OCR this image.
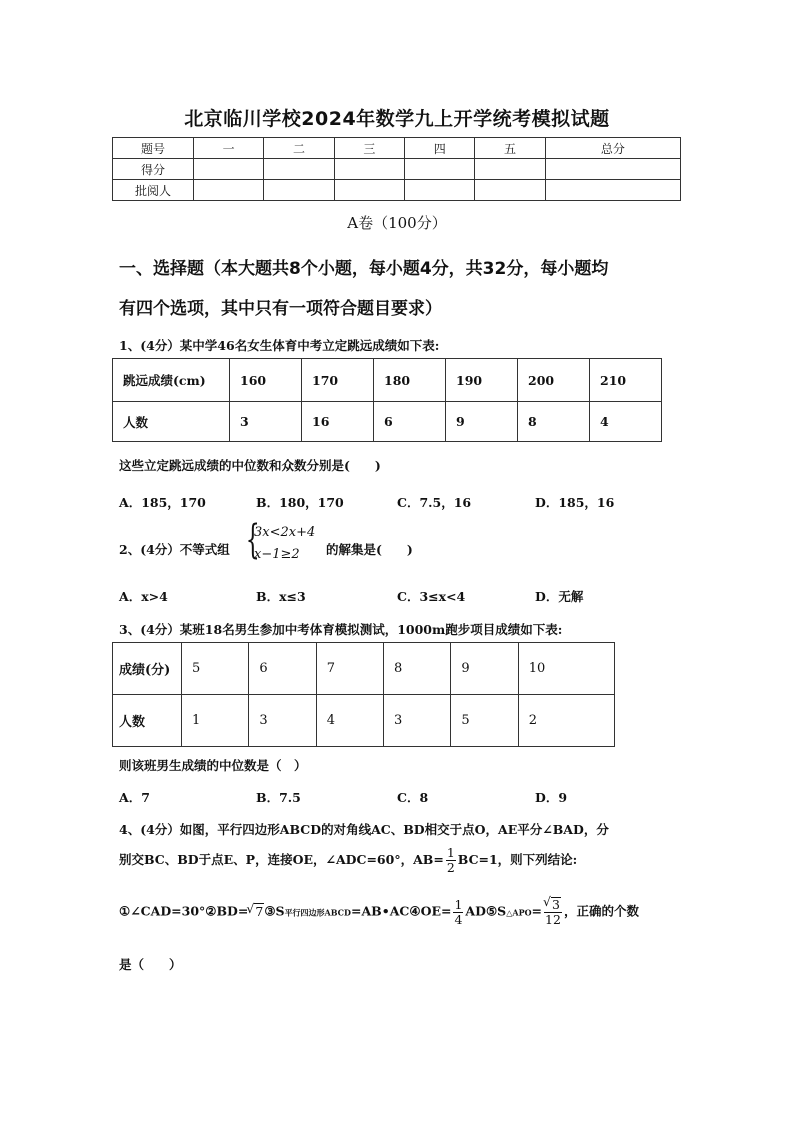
北京临川学校2024年数学九上开学统考模拟试题
题号	一	二	三	四	五	总分
得分						
批阅人						
A卷（100分）
一、选择题（本大题共8个小题，每小题4分，共32分，每小题均
有四个选项，其中只有一项符合题目要求）
1、(4分）某中学46名女生体育中考立定跳远成绩如下表:
跳远成绩(cm)	160	170	180	190	200	210
人数	3	16	6	9	8	4
这些立定跳远成绩的中位数和众数分别是(　　)
A．185，170	B．180，170	C．7.5，16	D．185，16
2、(4分）不等式组 {
3x<2x+4
x−1≥2	的解集是(　　)
A．x>4	B．x≤3	C．3≤x<4	D．无解
3、(4分）某班18名男生参加中考体育模拟测试，1000m跑步项目成绩如下表:
成绩(分)	5	6	7	8	9	10
人数	1	3	4	3	5	2
则该班男生成绩的中位数是（　）
A．7	B．7.5	C．8	D．9
4、(4分）如图，平行四边形ABCD的对角线AC、BD相交于点O，AE平分∠BAD，分
别交BC、BD于点E、P，连接OE，∠ADC=60°，$AB= \frac{1}{2} BC=1$，则下列结论:
①∠CAD=30°②BD= √ 7③S平行四边形ABCD=AB•AC④OE= $\frac{1}{4}$ AD⑤S△APO= √ $\frac{3}{12}$ ，正确的个数
是（　　）
